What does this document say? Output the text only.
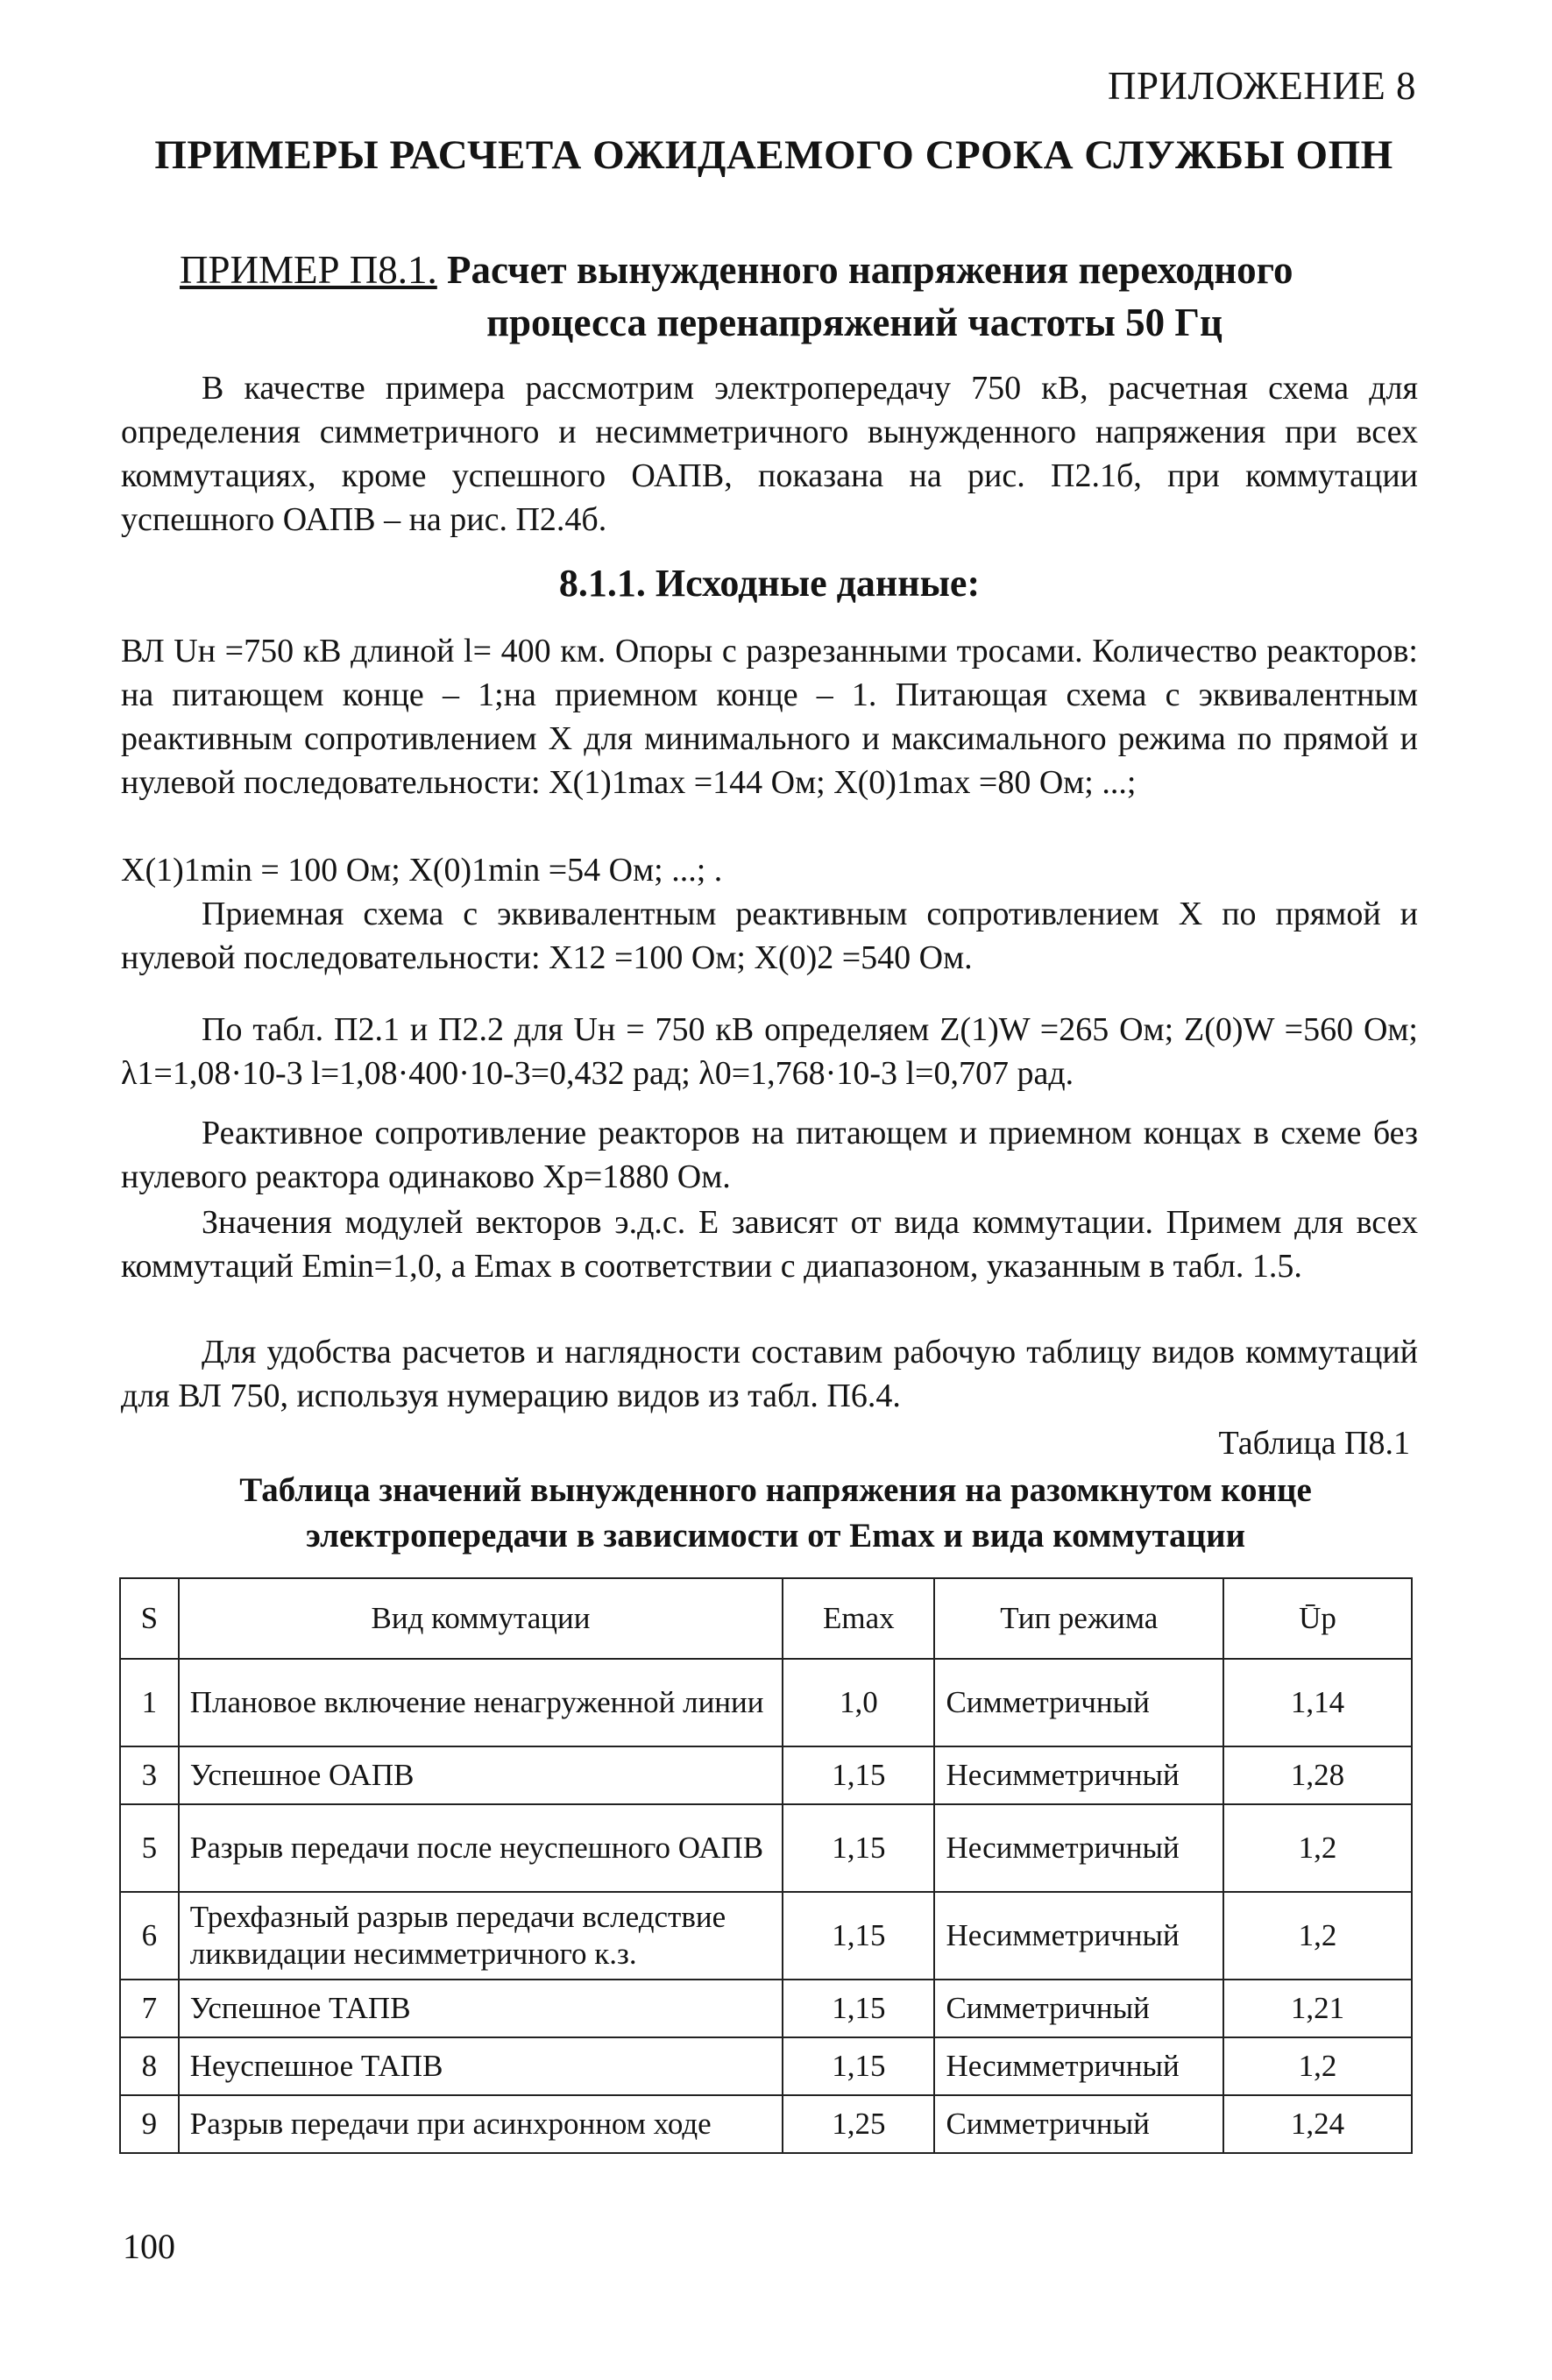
ПРИЛОЖЕНИЕ 8
ПРИМЕРЫ РАСЧЕТА ОЖИДАЕМОГО СРОКА СЛУЖБЫ ОПН
ПРИМЕР П8.1. Расчет вынужденного напряжения переходного
процесса перенапряжений частоты 50 Гц
В качестве примера рассмотрим электропередачу 750 кВ, расчетная схема для определения симметричного и несимметричного вынужденного напряжения при всех коммутациях, кроме успешного ОАПВ, показана на рис. П2.1б, при коммутации успешного ОАПВ – на рис. П2.4б.
8.1.1. Исходные данные:
ВЛ Uн =750 кВ длиной l= 400 км. Опоры с разрезанными тросами. Количество реакторов: на питающем конце – 1;на приемном конце – 1. Питающая схема с эквивалентным реактивным сопротивлением X для минимального и максимального режима по прямой и нулевой последовательности: X(1)1max =144 Ом; X(0)1max =80 Ом; ...;
X(1)1min = 100 Ом; X(0)1min =54 Ом; ...; .
Приемная схема с эквивалентным реактивным сопротивлением X по прямой и нулевой последовательности: X12 =100 Ом; X(0)2 =540 Ом.
По табл. П2.1 и П2.2 для Uн = 750 кВ определяем Z(1)W =265 Ом; Z(0)W =560 Ом; λ1=1,08·10-3 l=1,08·400·10-3=0,432 рад; λ0=1,768·10-3 l=0,707 рад.
Реактивное сопротивление реакторов на питающем и приемном концах в схеме без нулевого реактора одинаково Xр=1880 Ом.
Значения модулей векторов э.д.с. E зависят от вида коммутации. Примем для всех коммутаций Emin=1,0, а Emax в соответствии с диапазоном, указанным в табл. 1.5.
Для удобства расчетов и наглядности составим рабочую таблицу видов коммутаций для ВЛ 750, используя нумерацию видов из табл. П6.4.
Таблица П8.1
Таблица значений вынужденного напряжения на разомкнутом конце электропередачи в зависимости от Emax и вида коммутации
S	Вид коммутации	Emax	Тип режима	Ūр
1	Плановое включение ненагруженной линии	1,0	Симметричный	1,14
3	Успешное ОАПВ	1,15	Несимметричный	1,28
5	Разрыв передачи после неуспешного ОАПВ	1,15	Несимметричный	1,2
6	Трехфазный разрыв передачи вследствие ликвидации несимметричного к.з.	1,15	Несимметричный	1,2
7	Успешное ТАПВ	1,15	Симметричный	1,21
8	Неуспешное ТАПВ	1,15	Несимметричный	1,2
9	Разрыв передачи при асинхронном ходе	1,25	Симметричный	1,24
100
